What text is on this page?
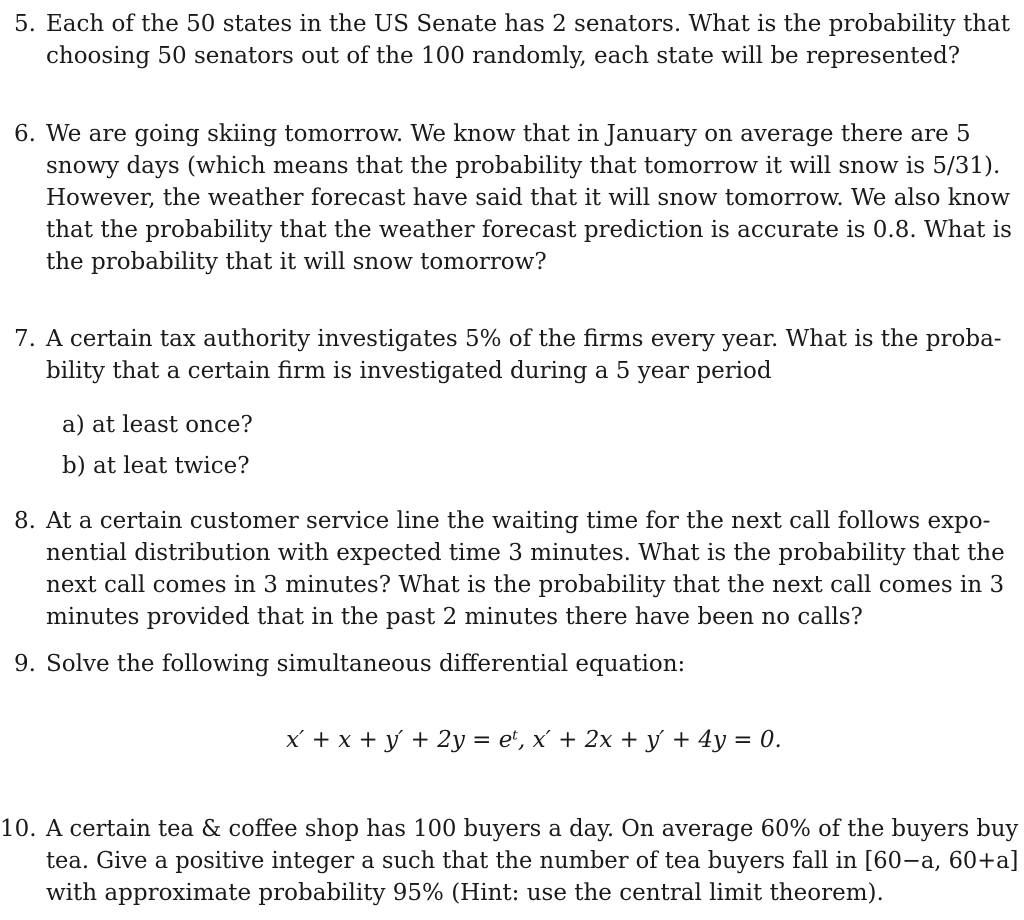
5. Each of the 50 states in the US Senate has 2 senators. What is the probability that
choosing 50 senators out of the 100 randomly, each state will be represented?
6. We are going skiing tomorrow. We know that in January on average there are 5
snowy days (which means that the probability that tomorrow it will snow is 5/31).
However, the weather forecast have said that it will snow tomorrow. We also know
that the probability that the weather forecast prediction is accurate is 0.8. What is
the probability that it will snow tomorrow?
7. A certain tax authority investigates 5% of the firms every year. What is the proba-
bility that a certain firm is investigated during a 5 year period
a) at least once?
b) at leat twice?
8. At a certain customer service line the waiting time for the next call follows expo-
nential distribution with expected time 3 minutes. What is the probability that the
next call comes in 3 minutes? What is the probability that the next call comes in 3
minutes provided that in the past 2 minutes there have been no calls?
9. Solve the following simultaneous differential equation:
x′ + x + y′ + 2y = eᵗ, x′ + 2x + y′ + 4y = 0.
10. A certain tea & coffee shop has 100 buyers a day. On average 60% of the buyers buy
tea. Give a positive integer a such that the number of tea buyers fall in [60−a, 60+a]
with approximate probability 95% (Hint: use the central limit theorem).
